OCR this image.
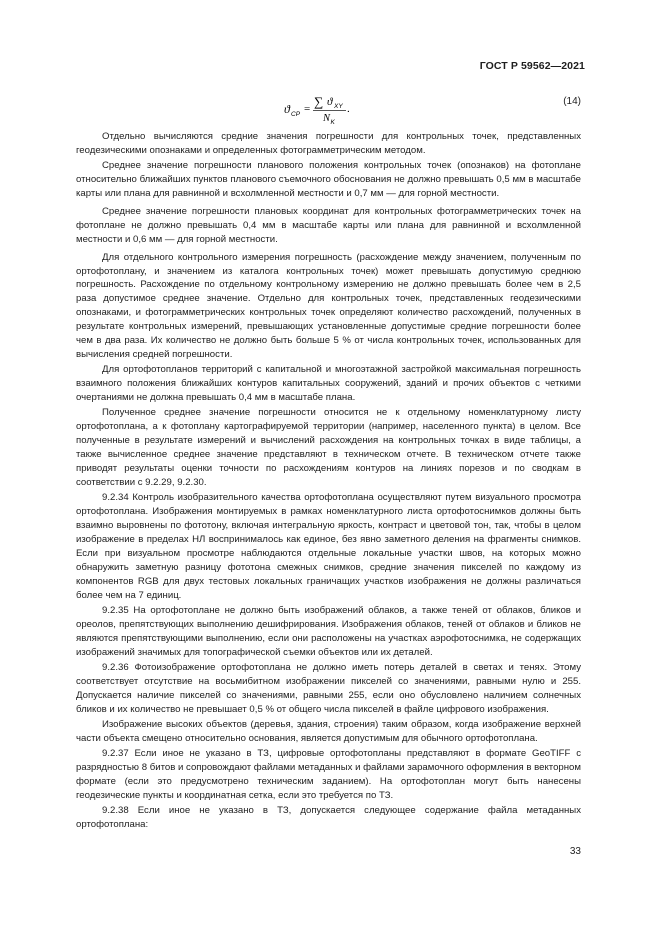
ГОСТ Р 59562—2021
ϑ СР = ∑ ϑ XY
N K
.
(14)

Отдельно вычисляются средние значения погрешности для контрольных точек, представленных геодезическими опознаками и определенных фотограмметрическим методом.

Среднее значение погрешности планового положения контрольных точек (опознаков) на фотоплане относительно ближайших пунктов планового съемочного обоснования не должно превышать 0,5 мм в масштабе карты или плана для равнинной и всхолмленной местности и 0,7 мм — для горной местности.

Среднее значение погрешности плановых координат для контрольных фотограмметрических точек на фотоплане не должно превышать 0,4 мм в масштабе карты или плана для равнинной и всхолмленной местности и 0,6 мм — для горной местности.

Для отдельного контрольного измерения погрешность (расхождение между значением, полученным по ортофотоплану, и значением из каталога контрольных точек) может превышать допустимую среднюю погрешность. Расхождение по отдельному контрольному измерению не должно превышать более чем в 2,5 раза допустимое среднее значение. Отдельно для контрольных точек, представленных геодезическими опознаками, и фотограмметрических контрольных точек определяют количество расхождений, полученных в результате контрольных измерений, превышающих установленные допустимые средние погрешности более чем в два раза. Их количество не должно быть больше 5 % от числа контрольных точек, использованных для вычисления средней погрешности.

Для ортофотопланов территорий с капитальной и многоэтажной застройкой максимальная погрешность взаимного положения ближайших контуров капитальных сооружений, зданий и прочих объектов с четкими очертаниями не должна превышать 0,4 мм в масштабе плана.

Полученное среднее значение погрешности относится не к отдельному номенклатурному листу ортофотоплана, а к фотоплану картографируемой территории (например, населенного пункта) в целом. Все полученные в результате измерений и вычислений расхождения на контрольных точках в виде таблицы, а также вычисленное среднее значение представляют в техническом отчете. В техническом отчете также приводят результаты оценки точности по расхождениям контуров на линиях порезов и по сводкам в соответствии с 9.2.29, 9.2.30.

9.2.34 Контроль изобразительного качества ортофотоплана осуществляют путем визуального просмотра ортофотоплана. Изображения монтируемых в рамках номенклатурного листа ортофотоснимков должны быть взаимно выровнены по фототону, включая интегральную яркость, контраст и цветовой тон, так, чтобы в целом изображение в пределах НЛ воспринималось как единое, без явно заметного деления на фрагменты снимков. Если при визуальном просмотре наблюдаются отдельные локальные участки швов, на которых можно обнаружить заметную разницу фототона смежных снимков, средние значения пикселей по каждому из компонентов RGB для двух тестовых локальных граничащих участков изображения не должны различаться более чем на 7 единиц.

9.2.35 На ортофотоплане не должно быть изображений облаков, а также теней от облаков, бликов и ореолов, препятствующих выполнению дешифрирования. Изображения облаков, теней от облаков и бликов не являются препятствующими выполнению, если они расположены на участках аэрофотоснимка, не содержащих изображений значимых для топографической съемки объектов или их деталей.

9.2.36 Фотоизображение ортофотоплана не должно иметь потерь деталей в светах и тенях. Этому соответствует отсутствие на восьмибитном изображении пикселей со значениями, равными нулю и 255. Допускается наличие пикселей со значениями, равными 255, если оно обусловлено наличием солнечных бликов и их количество не превышает 0,5 % от общего числа пикселей в файле цифрового изображения.

Изображение высоких объектов (деревья, здания, строения) таким образом, когда изображение верхней части объекта смещено относительно основания, является допустимым для обычного ортофотоплана.

9.2.37 Если иное не указано в ТЗ, цифровые ортофотопланы представляют в формате GeoTIFF с разрядностью 8 битов и сопровождают файлами метаданных и файлами зарамочного оформления в векторном формате (если это предусмотрено техническим заданием). На ортофотоплан могут быть нанесены геодезические пункты и координатная сетка, если это требуется по ТЗ.

9.2.38 Если иное не указано в ТЗ, допускается следующее содержание файла метаданных ортофотоплана:

33
